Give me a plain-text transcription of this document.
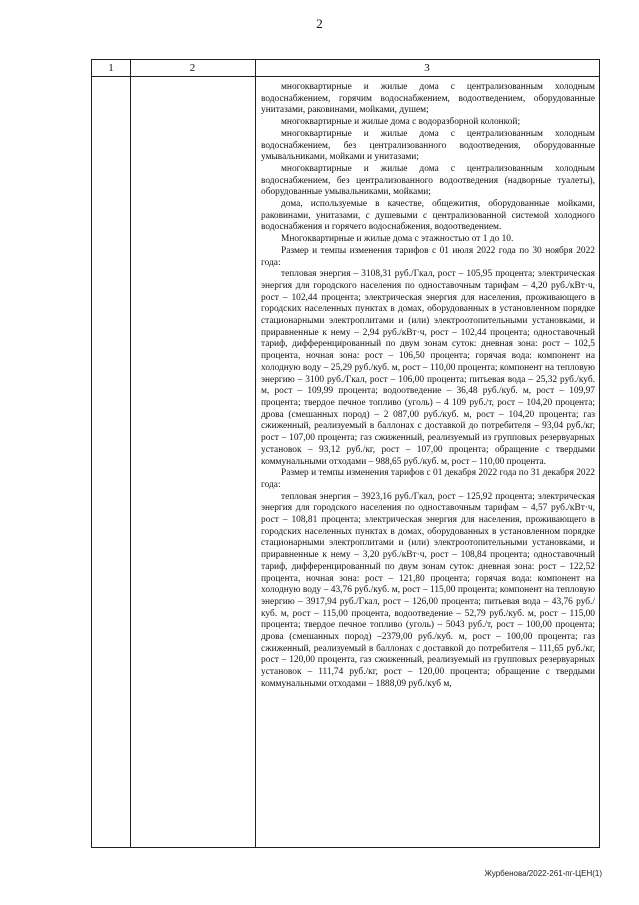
2
1	2	3

многоквартирные и жилые дома с централизованным холодным водоснабжением, горячим водоснабжением, водоотведением, оборудованные унитазами, раковинами, мойками, душем;

многоквартирные и жилые дома с водоразборной колонкой;

многоквартирные и жилые дома с централизованным холодным водоснабжением, без централизованного водоотведения, оборудованные умывальниками, мойками и унитазами;

многоквартирные и жилые дома с централизованным холодным водоснабжением, без централизованного водоотведения (надворные туалеты), оборудованные умывальниками, мойками;

дома, используемые в качестве, общежития, оборудованные мойками, раковинами, унитазами, с душевыми с централизованной системой холодного водоснабжения и горячего водоснабжения, водоотведением.

Многоквартирные и жилые дома с этажностью от 1 до 10.

Размер и темпы изменения тарифов с 01 июля 2022 года по 30 ноября 2022 года:

тепловая энергия – 3108,31 руб./Гкал, рост – 105,95 процента; электрическая энергия для городского населения по одноставочным тарифам – 4,20 руб./кВт·ч, рост – 102,44 процента; электрическая энергия для населения, проживающего в городских населенных пунктах в домах, оборудованных в установленном порядке стационарными электроплитами и (или) электроотопительными установками, и приравненные к нему – 2,94 руб./кВт·ч, рост – 102,44 процента; одноставочный тариф, дифференцированный по двум зонам суток: дневная зона: рост – 102,5 процента, ночная зона: рост – 106,50 процента; горячая вода: компонент на холодную воду – 25,29 руб./куб. м, рост – 110,00 процента; компонент на тепловую энергию – 3100 руб./Гкал, рост – 106,00 процента; питьевая вода – 25,32 руб./куб. м, рост – 109,99 процента; водоотведение – 36,48 руб./куб. м, рост – 109,97 процента; твердое печное топливо (уголь) – 4 109 руб./т, рост – 104,20 процента; дрова (смешанных пород) – 2 087,00 руб./куб. м, рост – 104,20 процента; газ сжиженный, реализуемый в баллонах с доставкой до потребителя – 93,04 руб./кг, рост – 107,00 процента; газ сжиженный, реализуемый из групповых резервуарных установок – 93,12 руб./кг, рост – 107,00 процента; обращение с твердыми коммунальными отходами – 988,65 руб./куб. м, рост – 110,00 процента.

Размер и темпы изменения тарифов с 01 декабря 2022 года по 31 декабря 2022 года:

тепловая энергия – 3923,16 руб./Гкал, рост – 125,92 процента; электрическая энергия для городского населения по одноставочным тарифам – 4,57 руб./кВт·ч, рост – 108,81 процента; электрическая энергия для населения, проживающего в городских населенных пунктах в домах, оборудованных в установленном порядке стационарными электроплитами и (или) электроотопительными установками, и приравненные к нему – 3,20 руб./кВт·ч, рост – 108,84 процента; одноставочный тариф, дифференцированный по двум зонам суток: дневная зона: рост – 122,52 процента, ночная зона: рост – 121,80 процента; горячая вода: компонент на холодную воду – 43,76 руб./куб. м, рост – 115,00 процента; компонент на тепловую энергию – 3917,94 руб./Гкал, рост – 126,00 процента; питьевая вода – 43,76 руб./куб. м, рост – 115,00 процента, водоотведение – 52,79 руб./куб. м, рост – 115,00 процента; твердое печное топливо (уголь) – 5043 руб./т, рост – 100,00 процента; дрова (смешанных пород) –2379,00 руб./куб. м, рост – 100,00 процента; газ сжиженный, реализуемый в баллонах с доставкой до потребителя – 111,65 руб./кг, рост – 120,00 процента, газ сжиженный, реализуемый из групповых резервуарных установок – 111,74 руб./кг, рост – 120,00 процента; обращение с твердыми коммунальными отходами – 1888,09 руб./куб м,

Журбенова/2022-261-пг-ЦЕН(1)
